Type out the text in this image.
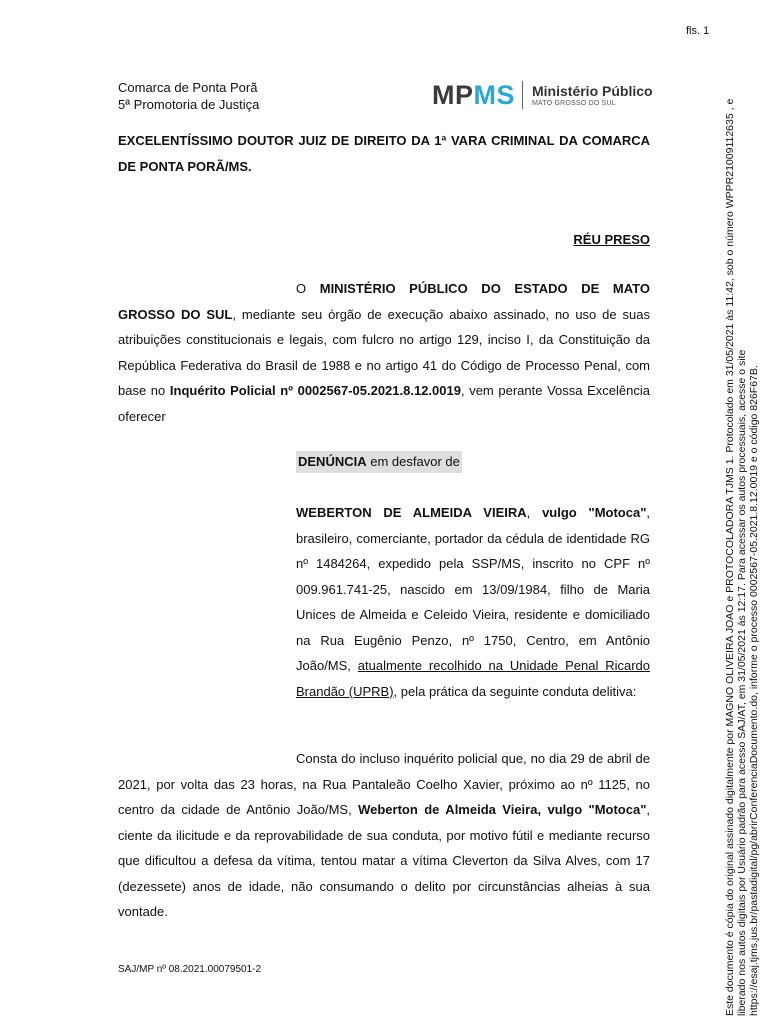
fls. 1
Comarca de Ponta Porã
5ª Promotoria de Justiça	MPMS Ministério Público
MATO GROSSO DO SUL
EXCELENTÍSSIMO DOUTOR JUIZ DE DIREITO DA 1ª VARA CRIMINAL DA COMARCA DE PONTA PORÃ/MS.
RÉU PRESO
O MINISTÉRIO PÚBLICO DO ESTADO DE MATO GROSSO DO SUL, mediante seu órgão de execução abaixo assinado, no uso de suas atribuições constitucionais e legais, com fulcro no artigo 129, inciso I, da Constituição da República Federativa do Brasil de 1988 e no artigo 41 do Código de Processo Penal, com base no Inquérito Policial nº 0002567-05.2021.8.12.0019, vem perante Vossa Excelência oferecer
DENÚNCIA em desfavor de
WEBERTON DE ALMEIDA VIEIRA, vulgo "Motoca", brasileiro, comerciante, portador da cédula de identidade RG nº 1484264, expedido pela SSP/MS, inscrito no CPF nº 009.961.741-25, nascido em 13/09/1984, filho de Maria Unices de Almeida e Celeido Vieira, residente e domiciliado na Rua Eugênio Penzo, nº 1750, Centro, em Antônio João/MS, atualmente recolhido na Unidade Penal Ricardo Brandão (UPRB), pela prática da seguinte conduta delitiva:
Consta do incluso inquérito policial que, no dia 29 de abril de 2021, por volta das 23 horas, na Rua Pantaleão Coelho Xavier, próximo ao nº 1125, no centro da cidade de Antônio João/MS, Weberton de Almeida Vieira, vulgo "Motoca", ciente da ilicitude e da reprovabilidade de sua conduta, por motivo fútil e mediante recurso que dificultou a defesa da vítima, tentou matar a vítima Cleverton da Silva Alves, com 17 (dezessete) anos de idade, não consumando o delito por circunstâncias alheias à sua vontade.
SAJ/MP nº 08.2021.00079501-2	Este documento é cópia do original assinado digitalmente por MAGNO OLIVEIRA JOAO e PROTOCOLADORA TJMS 1. Protocolado em 31/05/2021 às 11:42, sob o número WPPR21009112635 , e liberado nos autos digitais por Usuário padrão para acesso SAJ/AT, em 31/05/2021 às 12:17. Para acessar os autos processuais, acesse o site https://esaj.tjms.jus.br/pastadigital/pg/abrirConferenciaDocumento.do, informe o processo 0002567-05.2021.8.12.0019 e o código 826F67B.
